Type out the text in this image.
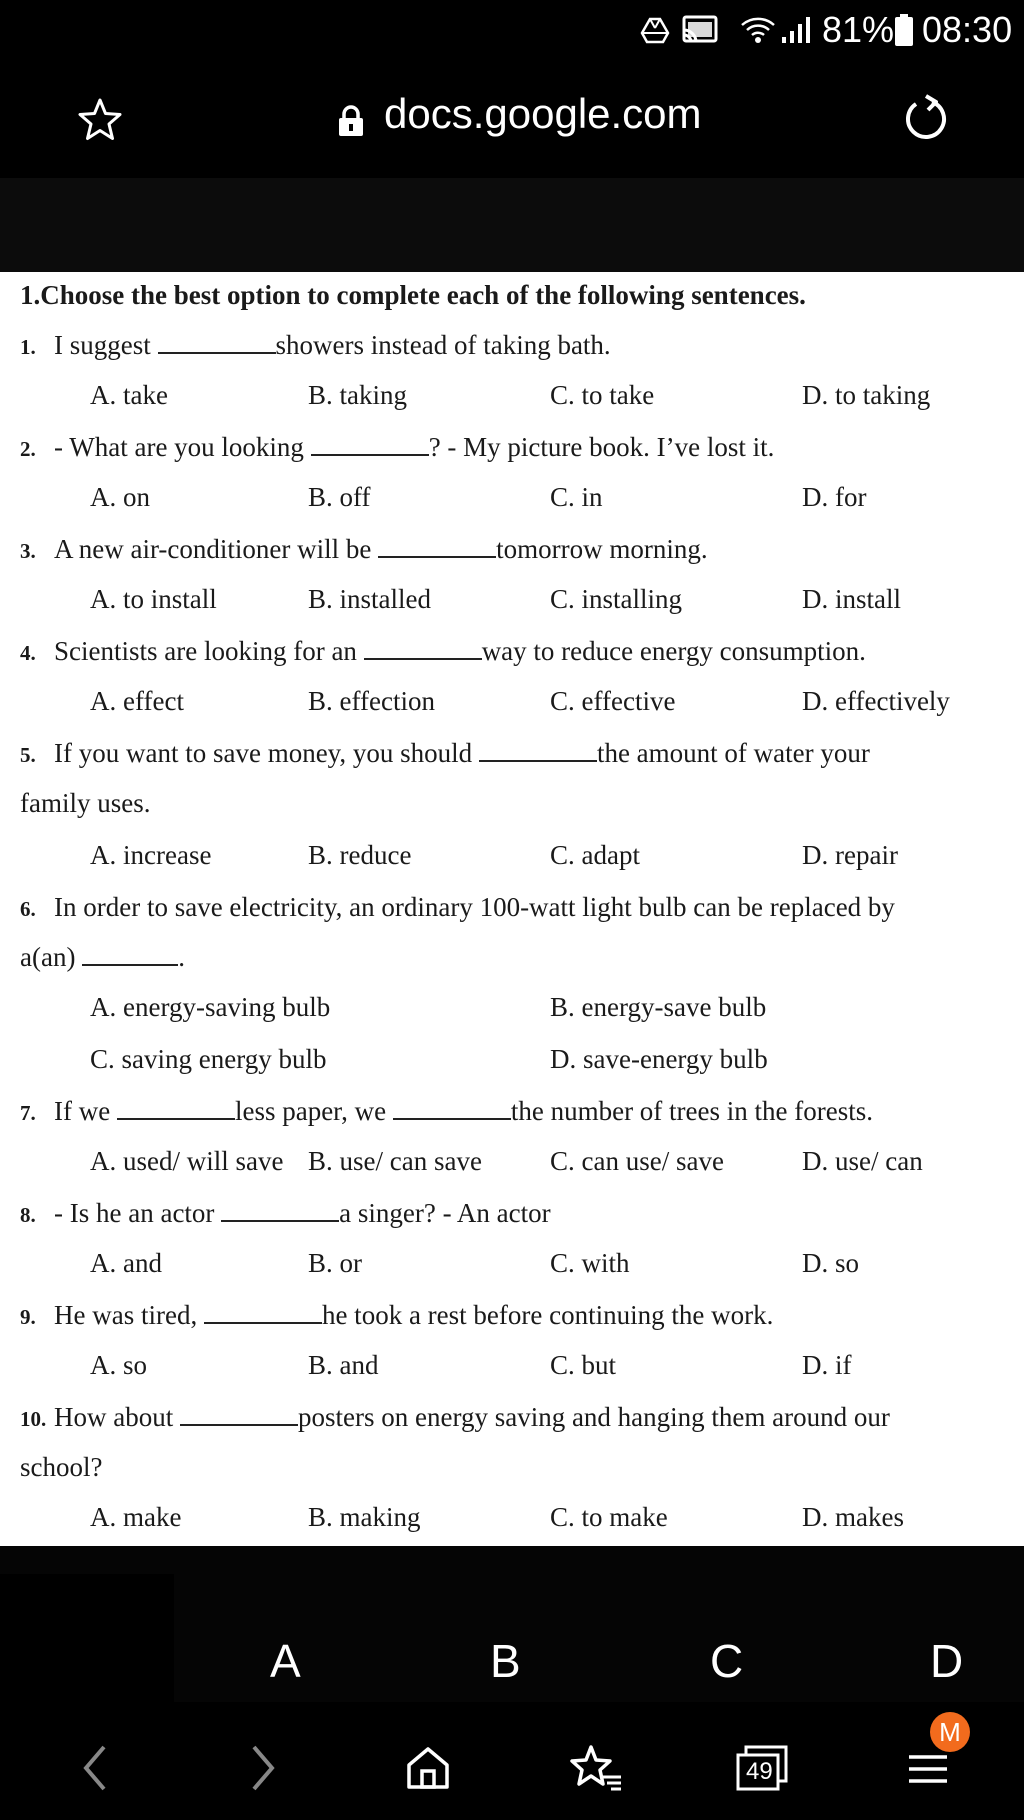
81% 08:30
docs.google.com
1.Choose the best option to complete each of the following sentences.
1. I suggest	showers instead of taking bath.
A. take	B. taking	C. to take	D. to taking
2. - What are you looking	? - My picture book. I’ve lost it.
A. on	B. off	C. in	D. for
3. A new air-conditioner will be	tomorrow morning.
A. to install	B. installed	C. installing	D. install
4. Scientists are looking for an	way to reduce energy consumption.
A. effect	B. effection	C. effective	D. effectively
5. If you want to save money, you should	the amount of water your
family uses.
A. increase	B. reduce	C. adapt	D. repair
6. In order to save electricity, an ordinary 100-watt light bulb can be replaced by
a(an)	.
A. energy-saving bulb	B. energy-save bulb
C. saving energy bulb	D. save-energy bulb
7. If we	less paper, we	the number of trees in the forests.
A. used/ will save B. use/ can save	C. can use/ save	D. use/ can
8. - Is he an actor	a singer? - An actor
A. and	B. or	C. with	D. so
9. He was tired,	he took a rest before continuing the work.
A. so	B. and	C. but	D. if
10. How about	posters on energy saving and hanging them around our
school?
A. make	B. making	C. to make	D. makes
A	B	C	D
49
M
